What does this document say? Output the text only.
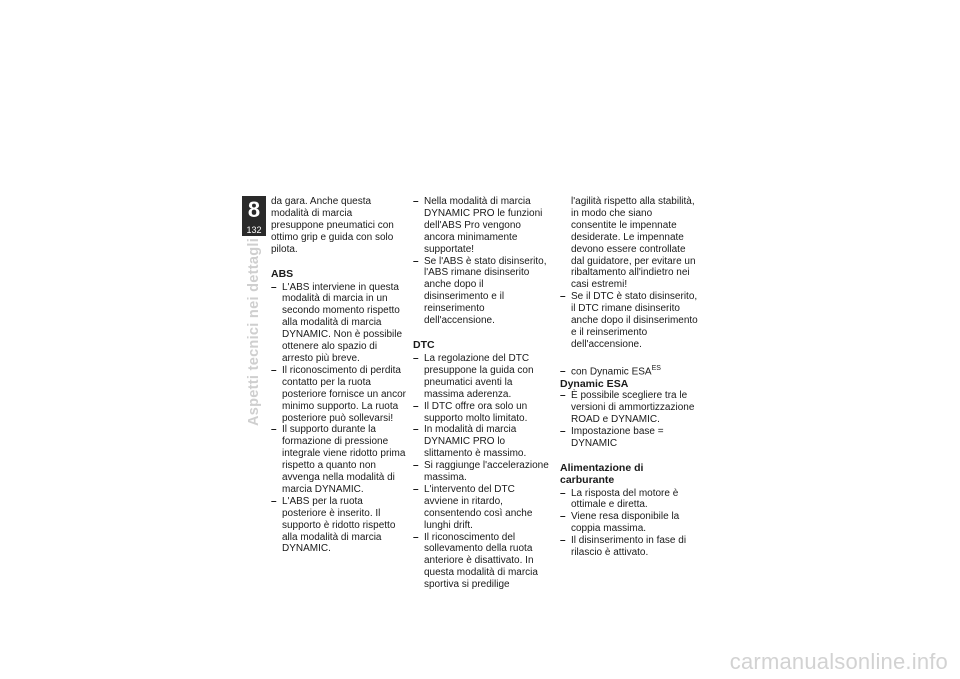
8
132
Aspetti tecnici nei dettagli

da gara. Anche questa modalità di marcia presuppone pneumatici con ottimo grip e guida con solo pilota.

ABS

– L'ABS interviene in questa modalità di marcia in un secondo momento rispetto alla modalità di marcia DYNAMIC. Non è possibile ottenere alo spazio di arresto più breve.

– Il riconoscimento di perdita contatto per la ruota posteriore fornisce un ancor minimo supporto. La ruota posteriore può sollevarsi!

– Il supporto durante la formazione di pressione integrale viene ridotto prima rispetto a quanto non avvenga nella modalità di marcia DYNAMIC.

– L'ABS per la ruota posteriore è inserito. Il supporto è ridotto rispetto alla modalità di marcia DYNAMIC.

– Nella modalità di marcia DYNAMIC PRO le funzioni dell'ABS Pro vengono ancora minimamente supportate!

– Se l'ABS è stato disinserito, l'ABS rimane disinserito anche dopo il disinserimento e il reinserimento dell'accensione.

DTC

– La regolazione del DTC presuppone la guida con pneumatici aventi la massima aderenza.

– Il DTC offre ora solo un supporto molto limitato.

– In modalità di marcia DYNAMIC PRO lo slittamento è massimo.

– Si raggiunge l'accelerazione massima.

– L'intervento del DTC avviene in ritardo, consentendo così anche lunghi drift.

– Il riconoscimento del sollevamento della ruota anteriore è disattivato. In questa modalità di marcia sportiva si predilige

l'agilità rispetto alla stabilità, in modo che siano consentite le impennate desiderate. Le impennate devono essere controllate dal guidatore, per evitare un ribaltamento all'indietro nei casi estremi!

– Se il DTC è stato disinserito, il DTC rimane disinserito anche dopo il disinserimento e il reinserimento dell'accensione.

– con Dynamic $ESA^{ES}$

Dynamic ESA

– È possibile scegliere tra le versioni di ammortizzazione ROAD e DYNAMIC.

– Impostazione base = DYNAMIC

Alimentazione di carburante

– La risposta del motore è ottimale e diretta.

– Viene resa disponibile la coppia massima.

– Il disinserimento in fase di rilascio è attivato.

carmanualsonline.info
